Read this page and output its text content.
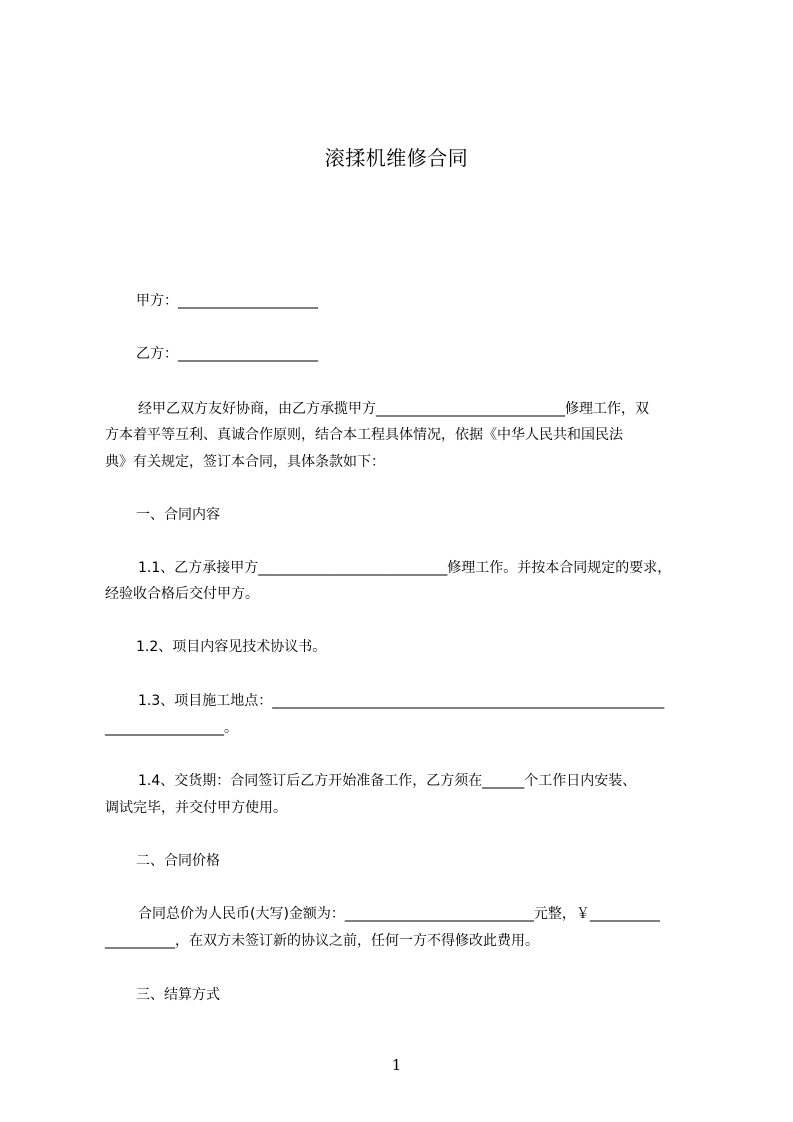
滚揉机维修合同
甲方：____________________
乙方：____________________
经甲乙双方友好协商，由乙方承揽甲方___________________________修理工作，双
方本着平等互利、真诚合作原则，结合本工程具体情况，依据《中华人民共和国民法
典》有关规定，签订本合同，具体条款如下：
一、合同内容
1.1、乙方承接甲方___________________________修理工作。并按本合同规定的要求，
经验收合格后交付甲方。
1.2、项目内容见技术协议书。
1.3、项目施工地点：________________________________________________________
_________________。
1.4、交货期：合同签订后乙方开始准备工作，乙方须在______个工作日内安装、
调试完毕，并交付甲方使用。
二、合同价格
合同总价为人民币(大写)金额为：___________________________元整，￥__________
__________，在双方未签订新的协议之前，任何一方不得修改此费用。
三、结算方式
1
